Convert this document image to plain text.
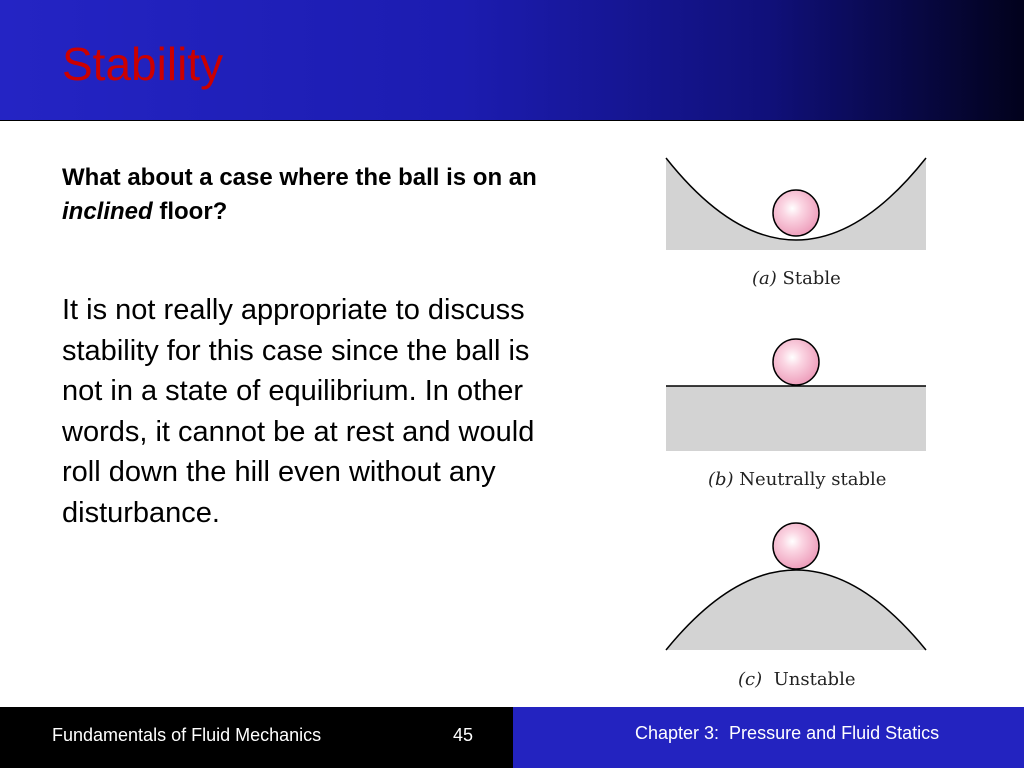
Stability
What about a case where the ball is on an inclined floor?
It is not really appropriate to discuss stability for this case since the ball is not in a state of equilibrium. In other words, it cannot be at rest and would roll down the hill even without any disturbance.
(a) Stable
(b) Neutrally stable
(c)  Unstable
Fundamentals of Fluid Mechanics	45	Chapter 3:  Pressure and Fluid Statics
